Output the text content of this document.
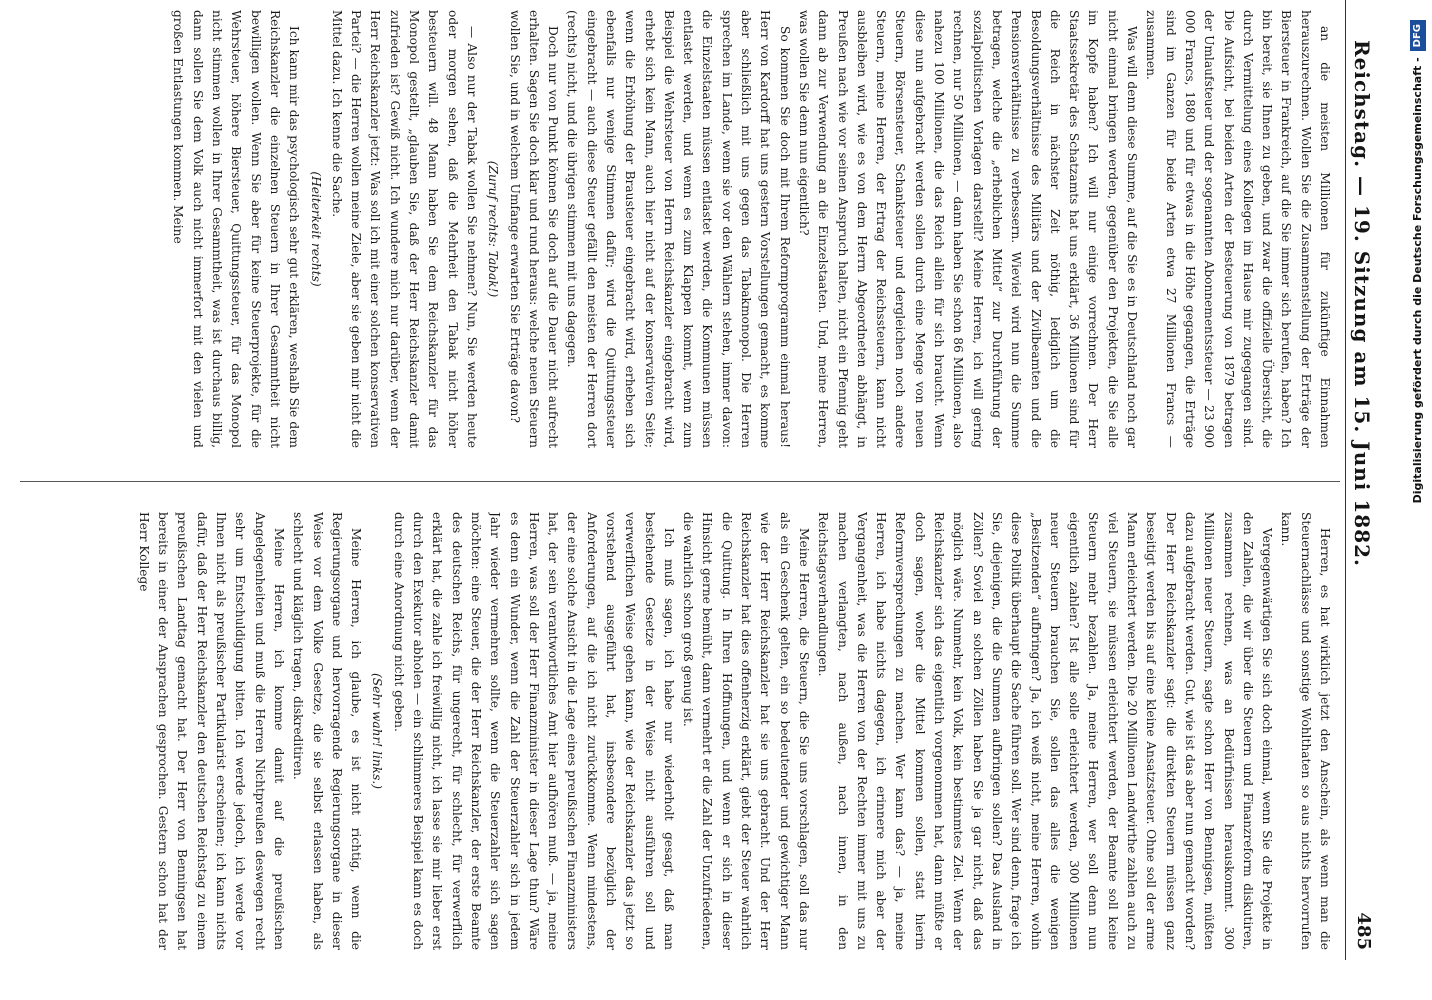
Reichstag. — 19. Sitzung am 15. Juni 1882.
485

an die meisten Millionen für zukünftige Einnahmen herauszurechnen. Wollen Sie die Zusammenstellung der Erträge der Biersteuer in Frankreich, auf die Sie immer sich berufen, haben? Ich bin bereit, sie Ihnen zu geben, und zwar die offizielle Übersicht, die durch Vermittelung eines Kollegen im Hause mir zugegangen sind. Die Aufsicht, bei beiden Arten der Besteuerung von 1879 betragen der Umlaufsteuer und der sogenannten Abonnementssteuer — 23 900 000 Francs, 1880 und für etwas in die Höhe gegangen, die Erträge sind im Ganzen für beide Arten etwa 27 Millionen Francs — zusammen.

Was will denn diese Summe, auf die Sie es in Deutschland noch gar nicht einmal bringen werden, gegenüber den Projekten, die Sie alle im Kopfe haben? Ich will nur einige vorrechnen. Der Herr Staatssekretär des Schatzamts hat uns erklärt, 36 Millionen sind für die Reich in nächster Zeit nöthig, lediglich um die Besoldungsverhältnisse des Militärs und der Zivilbeamten und die Pensionsverhältnisse zu verbessern. Wieviel wird nun die Summe betragen, welche die „erheblichen Mittel“ zur Durchführung der sozialpolitischen Vorlagen darstellt? Meine Herren, ich will gering rechnen, nur 50 Millionen, — dann haben Sie schon 86 Millionen, also nahezu 100 Millionen, die das Reich allein für sich braucht. Wenn diese nun aufgebracht werden sollen durch eine Menge von neuen Steuern, Börsensteuer, Schanksteuer und dergleichen noch andere Steuern, meine Herren, der Ertrag der Reichssteuern, kann nicht ausbleiben wird, wie es von dem Herrn Abgeordneten abhängt, in Preußen nach wie vor seinen Anspruch halten, nicht ein Pfennig geht dann ab zur Verwendung an die Einzelstaaten. Und, meine Herren, was wollen Sie denn nun eigentlich?

So kommen Sie doch mit Ihrem Reformprogramm einmal heraus! Herr von Kardorff hat uns gestern Vorstellungen gemacht, es komme aber schließlich mit uns gegen das Tabakmonopol. Die Herren sprechen im Lande, wenn sie vor den Wählern stehen, immer davon: die Einzelstaaten müssen entlastet werden, die Kommunen müssen entlastet werden, und wenn es zum Klappen kommt, wenn zum Beispiel die Wehrsteuer von Herrn Reichskanzler eingebracht wird, erhebt sich kein Mann, auch hier nicht auf der konservativen Seite; wenn die Erhöhung der Brausteuer eingebracht wird, erheben sich ebenfalls nur wenige Stimmen dafür; wird die Quittungssteuer eingebracht — auch diese Steuer gefällt den meisten der Herren dort (rechts) nicht, und die übrigen stimmen mit uns dagegen.

Doch nur von Punkt können Sie doch auf die Dauer nicht aufrecht erhalten. Sagen Sie doch klar und rund heraus: welche neuen Steuern wollen Sie, und in welchem Umfange erwarten Sie Erträge davon?

(Zuruf rechts: Tabak!)

— Also nur der Tabak wollen Sie nehmen? Nun, Sie werden heute oder morgen sehen, daß die Mehrheit den Tabak nicht höher besteuern will. 48 Mann haben Sie dem Reichskanzler für das Monopol gestellt, „glauben Sie, daß der Herr Reichskanzler damit zufrieden ist? Gewiß nicht. Ich wundere mich nur darüber, wenn der Herr Reichskanzler jetzt: Was soll ich mit einer solchen konservativen Partei? — die Herren wollen meine Ziele, aber sie geben mir nicht die Mittel dazu. Ich kenne die Sache.

(Heiterkeit rechts)

Ich kann mir das psychologisch sehr gut erklären, weshalb Sie dem Reichskanzler die einzelnen Steuern in Ihrer Gesammtheit nicht bewilligen wollen. Wenn Sie aber für keine Steuerprojekte, für die Wehrsteuer, höhere Biersteuer, Quittungssteuer, für das Monopol nicht stimmen wollen in Ihrer Gesammtheit, was ist durchaus billig, dann sollen Sie dem Volk auch nicht immerfort mit den vielen und großen Entlastungen kommen. Meine

Herren, es hat wirklich jetzt den Anschein, als wenn man die Steuernachlässe und sonstige Wohlthaten so aus nichts hervorrufen kann.

Vergegenwärtigen Sie sich doch einmal, wenn Sie die Projekte in den Zahlen, die wir über die Steuern und Finanzreform diskutiren, zusammen rechnen, was an Bedürfnissen herauskommt. 300 Millionen neuer Steuern, sagte schon Herr von Bennigsen, müßten dazu aufgebracht werden. Gut, wie ist das aber nun gemacht worden? Der Herr Reichskanzler sagt: die direkten Steuern müssen ganz beseitigt werden bis auf eine kleine Ansatzsteuer. Ohne soll der arme Mann erleichtert werden. Die 20 Millionen Landwirthe zahlen auch zu viel Steuern, sie müssen erleichtert werden, der Beamte soll keine Steuern mehr bezahlen. Ja, meine Herren, wer soll denn nun eigentlich zahlen? Ist alle solle erleichtert werden, 300 Millionen neuer Steuern brauchen Sie, sollen das alles die wenigen „Besitzenden“ aufbringen? Ja, ich weiß nicht, meine Herren, wohin diese Politik überhaupt die Sache führen soll. Wer sind denn, frage ich Sie, diejenigen, die die Summen aufbringen sollen? Das Ausland in Zöllen? Soviel an solchen Zöllen haben Sie ja gar nicht, daß das möglich wäre. Nunmehr, kein Volk, kein bestimmtes Ziel. Wenn der Reichskanzler sich das eigentlich vorgenommen hat, dann müßte er doch sagen, woher die Mittel kommen sollen, statt hierin Reformversprechungen zu machen. Wer kann das? — ja, meine Herren, ich habe nichts dagegen, ich erinnere mich aber der Vergangenheit, was die Herren von der Rechten immer mit uns zu machen verlangten, nach außen, nach innen, in den Reichstagsverhandlungen.

Meine Herren, die Steuern, die Sie uns vorschlagen, soll das nur als ein Geschenk gelten, ein so bedeutender und gewichtiger Mann wie der Herr Reichskanzler hat sie uns gebracht. Und der Herr Reichskanzler hat dies offenherzig erklärt, giebt der Steuer wahrlich die Quittung. In Ihren Hoffnungen, und wenn er sich in dieser Hinsicht gerne bemüht, dann vermehrt er die Zahl der Unzufriedenen, die wahrlich schon groß genug ist.

Ich muß sagen, ich habe nur wiederholt gesagt, daß man bestehende Gesetze in der Weise nicht ausführen soll und verwerflichen Weise gehen kann, wie der Reichskanzler das jetzt so vorstehend ausgeführt hat, insbesondere bezüglich der Anforderungen, auf die ich nicht zurückkomme. Wenn mindestens, der eine solche Ansicht in die Lage eines preußischen Finanzministers hat, der sein verantwortliches Amt hier aufhören muß. — ja, meine Herren, was soll der Herr Finanzminister in dieser Lage thun? Wäre es denn ein Wunder, wenn die Zahl der Steuerzahler sich in jedem Jahr wieder vermehren sollte, wenn die Steuerzahler sich sagen möchten: eine Steuer, die der Herr Reichskanzler, der erste Beamte des deutschen Reichs, für ungerecht, für schlecht, für verwerflich erklärt hat, die zahle ich freiwillig nicht, ich lasse sie mir lieber erst durch den Exekutor abholen — ein schlimmeres Beispiel kann es doch durch eine Anordnung nicht geben.

(Sehr wahr! links.)

Meine Herren, ich glaube, es ist nicht richtig, wenn die Regierungsorgane und hervorragende Regierungsorgane in dieser Weise vor dem Volke Gesetze, die sie selbst erlassen haben, als schlecht und kläglich tragen, diskreditiren.

Meine Herren, ich komme damit auf die preußischen Angelegenheiten und muß die Herren Nichtpreußen deswegen recht sehr um Entschuldigung bitten. Ich werde jedoch, ich werde vor Ihnen nicht als preußischer Partikularist erscheinen; ich kann nichts dafür, daß der Herr Reichskanzler den deutschen Reichstag zu einem preußischen Landtag gemacht hat. Der Herr von Benningsen hat bereits in einer der Ansprachen gesprochen. Gestern schon hat der Herr Kollege

Digitalisierung gefördert durch die Deutsche Forschungsgemeinschaft -DFG
